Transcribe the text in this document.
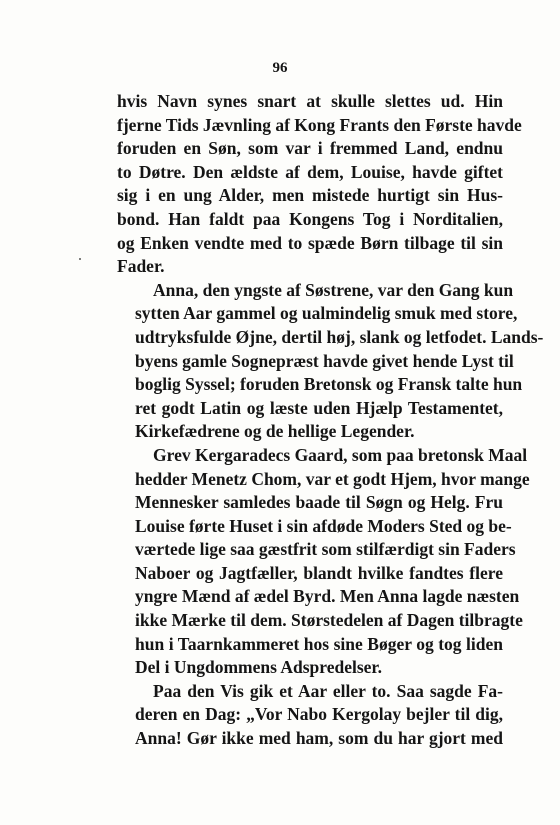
96
hvis Navn synes snart at skulle slettes ud. Hin
fjerne Tids Jævnling af Kong Frants den Første havde
foruden en Søn, som var i fremmed Land, endnu
to Døtre. Den ældste af dem, Louise, havde giftet
sig i en ung Alder, men mistede hurtigt sin Hus-
bond. Han faldt paa Kongens Tog i Norditalien,
og Enken vendte med to spæde Børn tilbage til sin
Fader.
Anna, den yngste af Søstrene, var den Gang kun
sytten Aar gammel og ualmindelig smuk med store,
udtryksfulde Øjne, dertil høj, slank og letfodet. Lands-
byens gamle Sognepræst havde givet hende Lyst til
boglig Syssel; foruden Bretonsk og Fransk talte hun
ret godt Latin og læste uden Hjælp Testamentet,
Kirkefædrene og de hellige Legender.
Grev Kergaradecs Gaard, som paa bretonsk Maal
hedder Menetz Chom, var et godt Hjem, hvor mange
Mennesker samledes baade til Søgn og Helg. Fru
Louise førte Huset i sin afdøde Moders Sted og be-
værtede lige saa gæstfrit som stilfærdigt sin Faders
Naboer og Jagtfæller, blandt hvilke fandtes flere
yngre Mænd af ædel Byrd. Men Anna lagde næsten
ikke Mærke til dem. Størstedelen af Dagen tilbragte
hun i Taarnkammeret hos sine Bøger og tog liden
Del i Ungdommens Adspredelser.
Paa den Vis gik et Aar eller to. Saa sagde Fa-
deren en Dag: „Vor Nabo Kergolay bejler til dig,
Anna! Gør ikke med ham, som du har gjort med
